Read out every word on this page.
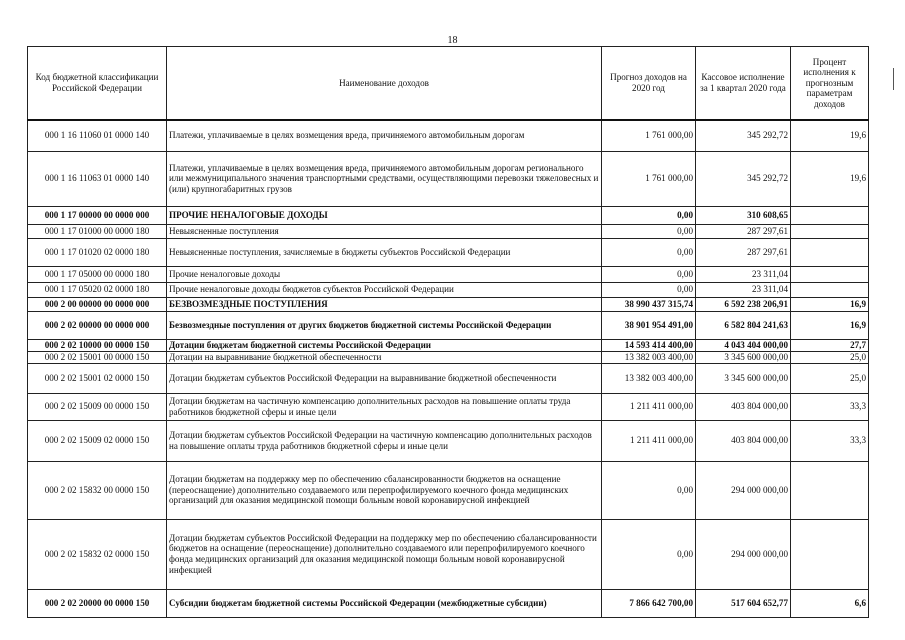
18
Код бюджетной классификации Российской Федерации	Наименование доходов	Прогноз доходов на 2020 год	Кассовое исполнение за 1 квартал 2020 года	Процент исполнения к прогнозным параметрам доходов
000 1 16 11060 01 0000 140	Платежи, уплачиваемые в целях возмещения вреда, причиняемого автомобильным дорогам	1 761 000,00	345 292,72	19,6
000 1 16 11063 01 0000 140	Платежи, уплачиваемые в целях возмещения вреда, причиняемого автомобильным дорогам регионального или межмуниципального значения транспортными средствами, осуществляющими перевозки тяжеловесных и (или) крупногабаритных грузов	1 761 000,00	345 292,72	19,6
000 1 17 00000 00 0000 000	ПРОЧИЕ НЕНАЛОГОВЫЕ ДОХОДЫ	0,00	310 608,65	
000 1 17 01000 00 0000 180	Невыясненные поступления	0,00	287 297,61	
000 1 17 01020 02 0000 180	Невыясненные поступления, зачисляемые в бюджеты субъектов Российской Федерации	0,00	287 297,61	
000 1 17 05000 00 0000 180	Прочие неналоговые доходы	0,00	23 311,04	
000 1 17 05020 02 0000 180	Прочие неналоговые доходы бюджетов субъектов Российской Федерации	0,00	23 311,04	
000 2 00 00000 00 0000 000	БЕЗВОЗМЕЗДНЫЕ ПОСТУПЛЕНИЯ	38 990 437 315,74	6 592 238 206,91	16,9
000 2 02 00000 00 0000 000	Безвозмездные поступления от других бюджетов бюджетной системы Российской Федерации	38 901 954 491,00	6 582 804 241,63	16,9
000 2 02 10000 00 0000 150	Дотации бюджетам бюджетной системы Российской Федерации	14 593 414 400,00	4 043 404 000,00	27,7
000 2 02 15001 00 0000 150	Дотации на выравнивание бюджетной обеспеченности	13 382 003 400,00	3 345 600 000,00	25,0
000 2 02 15001 02 0000 150	Дотации бюджетам субъектов Российской Федерации на выравнивание бюджетной обеспеченности	13 382 003 400,00	3 345 600 000,00	25,0
000 2 02 15009 00 0000 150	Дотации бюджетам на частичную компенсацию дополнительных расходов на повышение оплаты труда работников бюджетной сферы и иные цели	1 211 411 000,00	403 804 000,00	33,3
000 2 02 15009 02 0000 150	Дотации бюджетам субъектов Российской Федерации на частичную компенсацию дополнительных расходов на повышение оплаты труда работников бюджетной сферы и иные цели	1 211 411 000,00	403 804 000,00	33,3
000 2 02 15832 00 0000 150	Дотации бюджетам на поддержку мер по обеспечению сбалансированности бюджетов на оснащение (переоснащение) дополнительно создаваемого или перепрофилируемого коечного фонда медицинских организаций для оказания медицинской помощи больным новой коронавирусной инфекцией	0,00	294 000 000,00	
000 2 02 15832 02 0000 150	Дотации бюджетам субъектов Российской Федерации на поддержку мер по обеспечению сбалансированности бюджетов на оснащение (переоснащение) дополнительно создаваемого или перепрофилируемого коечного фонда медицинских организаций для оказания медицинской помощи больным новой коронавирусной инфекцией	0,00	294 000 000,00	
000 2 02 20000 00 0000 150	Субсидии бюджетам бюджетной системы Российской Федерации (межбюджетные субсидии)	7 866 642 700,00	517 604 652,77	6,6
